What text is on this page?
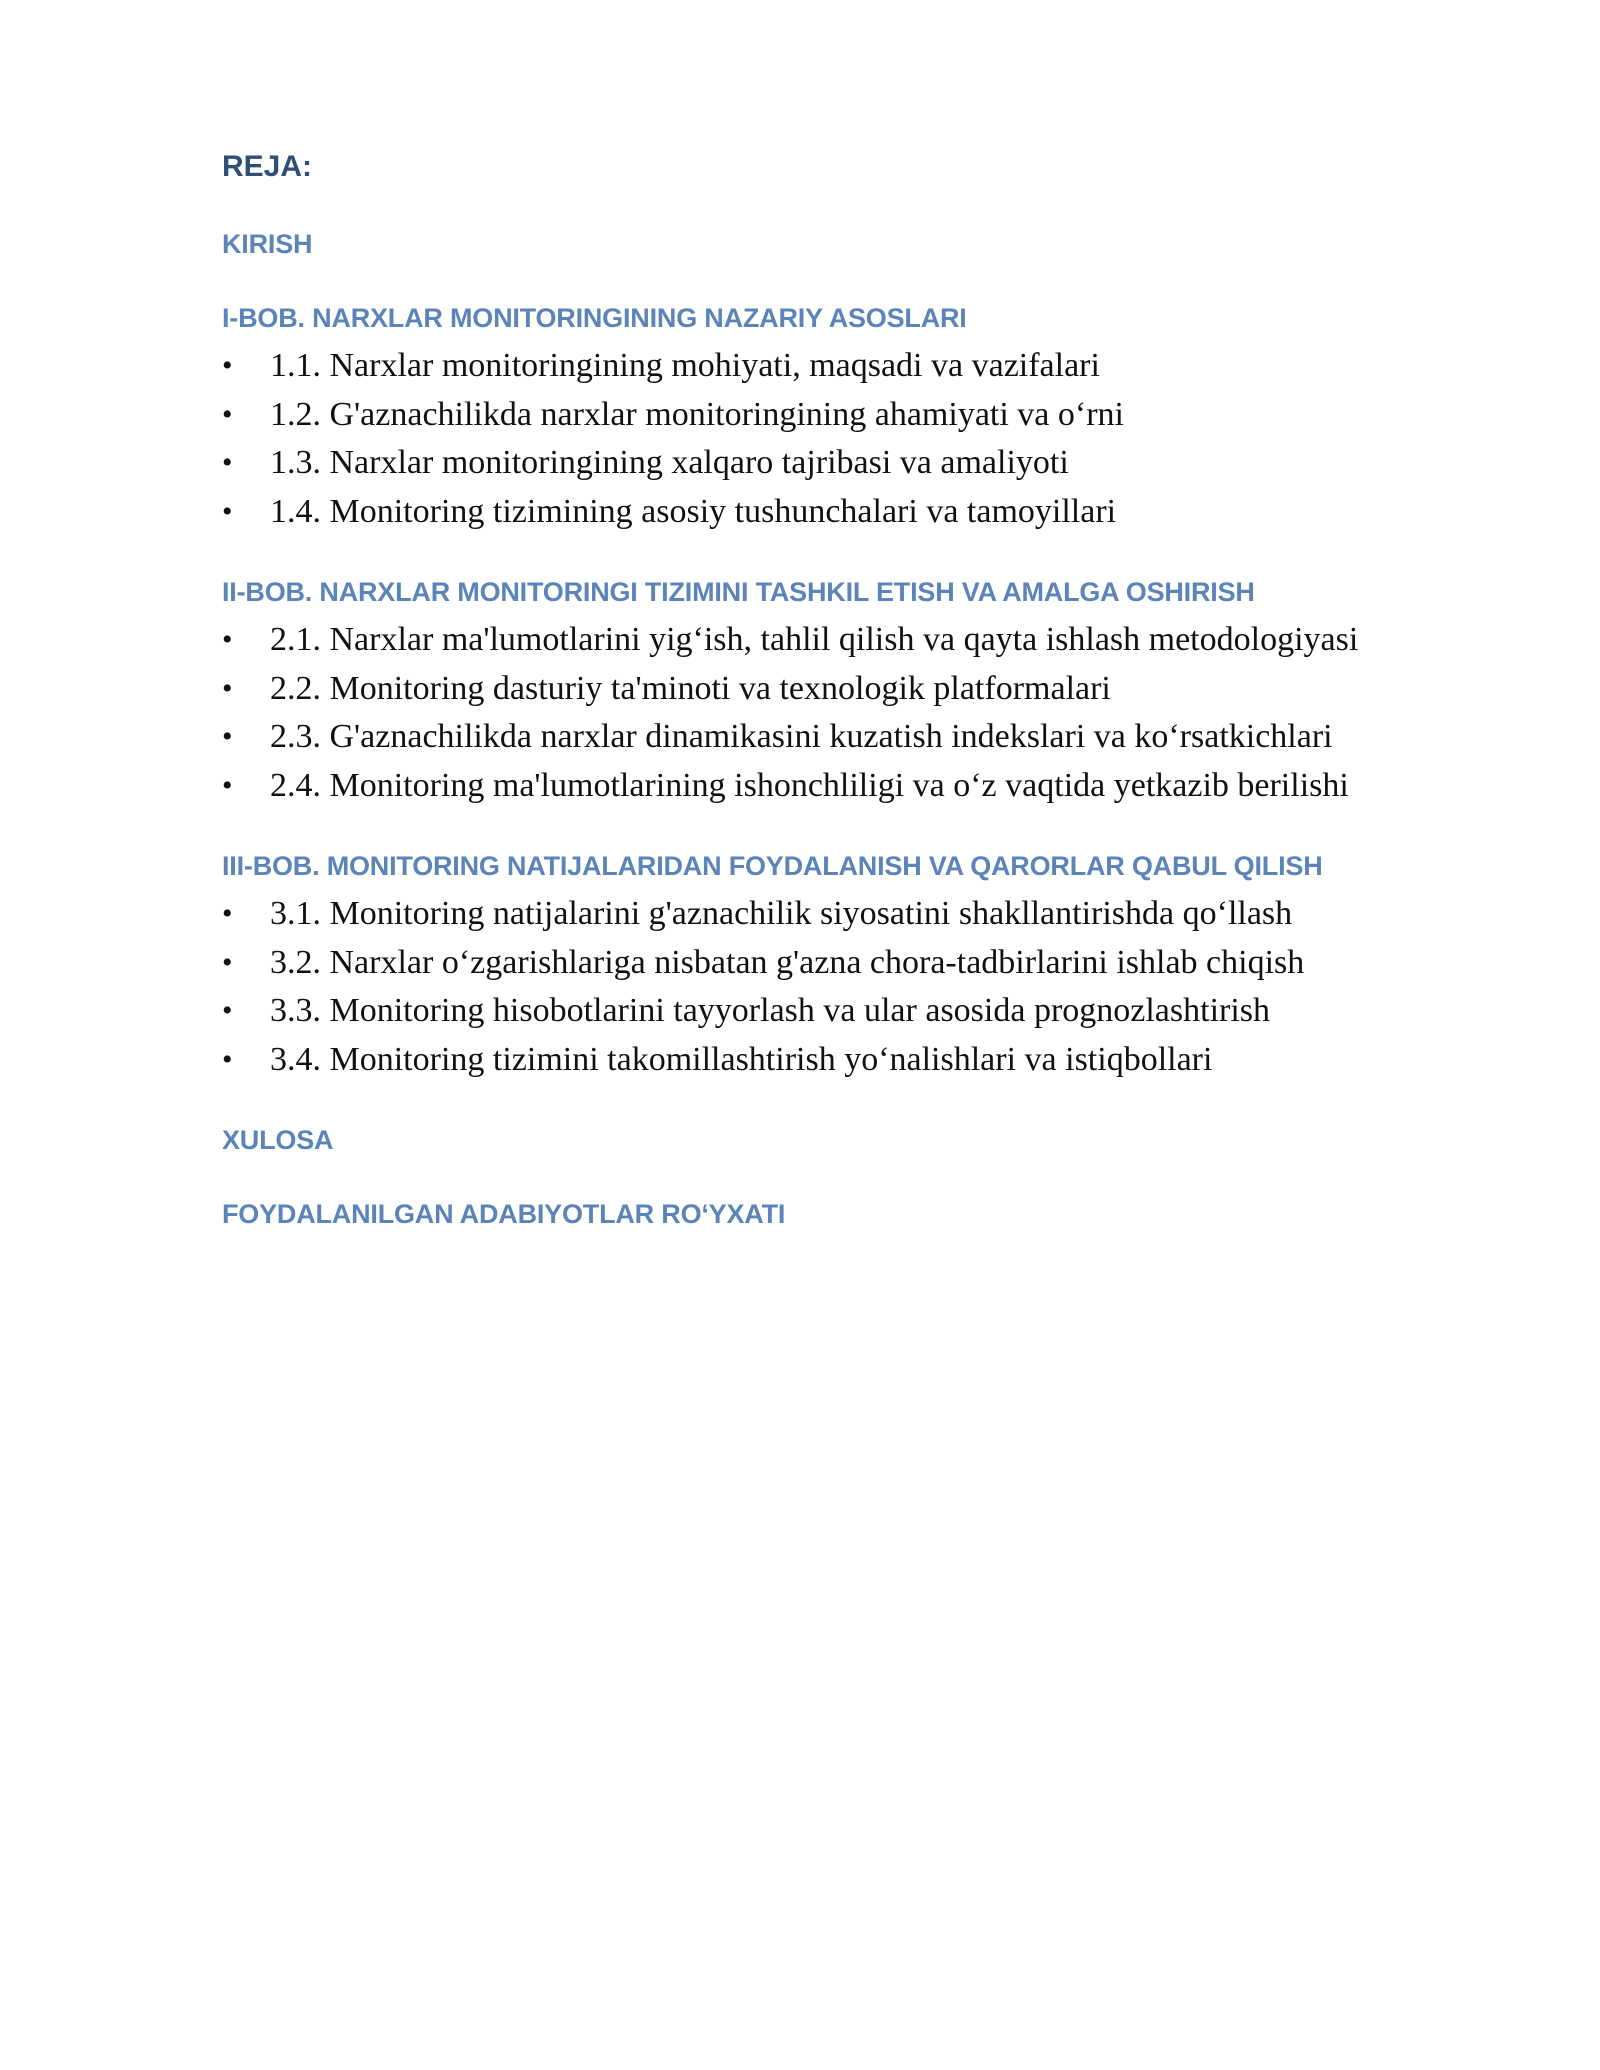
REJA:
KIRISH
I-BOB. NARXLAR MONITORINGINING NAZARIY ASOSLARI
•	1.1. Narxlar monitoringining mohiyati, maqsadi va vazifalari
•	1.2. G'aznachilikda narxlar monitoringining ahamiyati va o‘rni
•	1.3. Narxlar monitoringining xalqaro tajribasi va amaliyoti
•	1.4. Monitoring tizimining asosiy tushunchalari va tamoyillari
II-BOB. NARXLAR MONITORINGI TIZIMINI TASHKIL ETISH VA AMALGA OSHIRISH
•	2.1. Narxlar ma'lumotlarini yig‘ish, tahlil qilish va qayta ishlash metodologiyasi
•	2.2. Monitoring dasturiy ta'minoti va texnologik platformalari
•	2.3. G'aznachilikda narxlar dinamikasini kuzatish indekslari va ko‘rsatkichlari
•	2.4. Monitoring ma'lumotlarining ishonchliligi va o‘z vaqtida yetkazib berilishi
III-BOB. MONITORING NATIJALARIDAN FOYDALANISH VA QARORLAR QABUL QILISH
•	3.1. Monitoring natijalarini g'aznachilik siyosatini shakllantirishda qo‘llash
•	3.2. Narxlar o‘zgarishlariga nisbatan g'azna chora-tadbirlarini ishlab chiqish
•	3.3. Monitoring hisobotlarini tayyorlash va ular asosida prognozlashtirish
•	3.4. Monitoring tizimini takomillashtirish yo‘nalishlari va istiqbollari
XULOSA
FOYDALANILGAN ADABIYOTLAR RO‘YXATI
